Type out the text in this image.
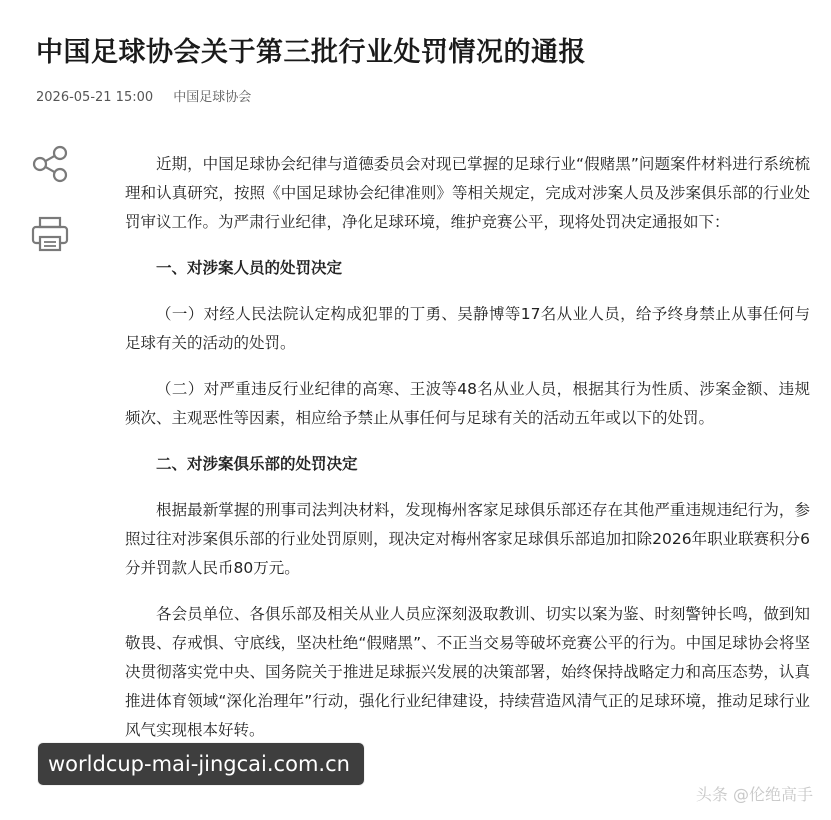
中国足球协会关于第三批行业处罚情况的通报
2026-05-21 15:00 中国足球协会

近期，中国足球协会纪律与道德委员会对现已掌握的足球行业“假赌黑”问题案件材料进行系统梳理和认真研究，按照《中国足球协会纪律准则》等相关规定，完成对涉案人员及涉案俱乐部的行业处罚审议工作。为严肃行业纪律，净化足球环境，维护竞赛公平，现将处罚决定通报如下：

一、对涉案人员的处罚决定

（一）对经人民法院认定构成犯罪的丁勇、吴静博等17名从业人员，给予终身禁止从事任何与足球有关的活动的处罚。

（二）对严重违反行业纪律的高寒、王波等48名从业人员，根据其行为性质、涉案金额、违规频次、主观恶性等因素，相应给予禁止从事任何与足球有关的活动五年或以下的处罚。

二、对涉案俱乐部的处罚决定

根据最新掌握的刑事司法判决材料，发现梅州客家足球俱乐部还存在其他严重违规违纪行为，参照过往对涉案俱乐部的行业处罚原则，现决定对梅州客家足球俱乐部追加扣除2026年职业联赛积分6分并罚款人民币80万元。

各会员单位、各俱乐部及相关从业人员应深刻汲取教训、切实以案为鉴、时刻警钟长鸣，做到知敬畏、存戒惧、守底线，坚决杜绝“假赌黑”、不正当交易等破坏竞赛公平的行为。中国足球协会将坚决贯彻落实党中央、国务院关于推进足球振兴发展的决策部署，始终保持战略定力和高压态势，认真推进体育领域“深化治理年”行动，强化行业纪律建设，持续营造风清气正的足球环境，推动足球行业风气实现根本好转。

worldcup-mai-jingcai.com.cn
头条 @伦绝高手
